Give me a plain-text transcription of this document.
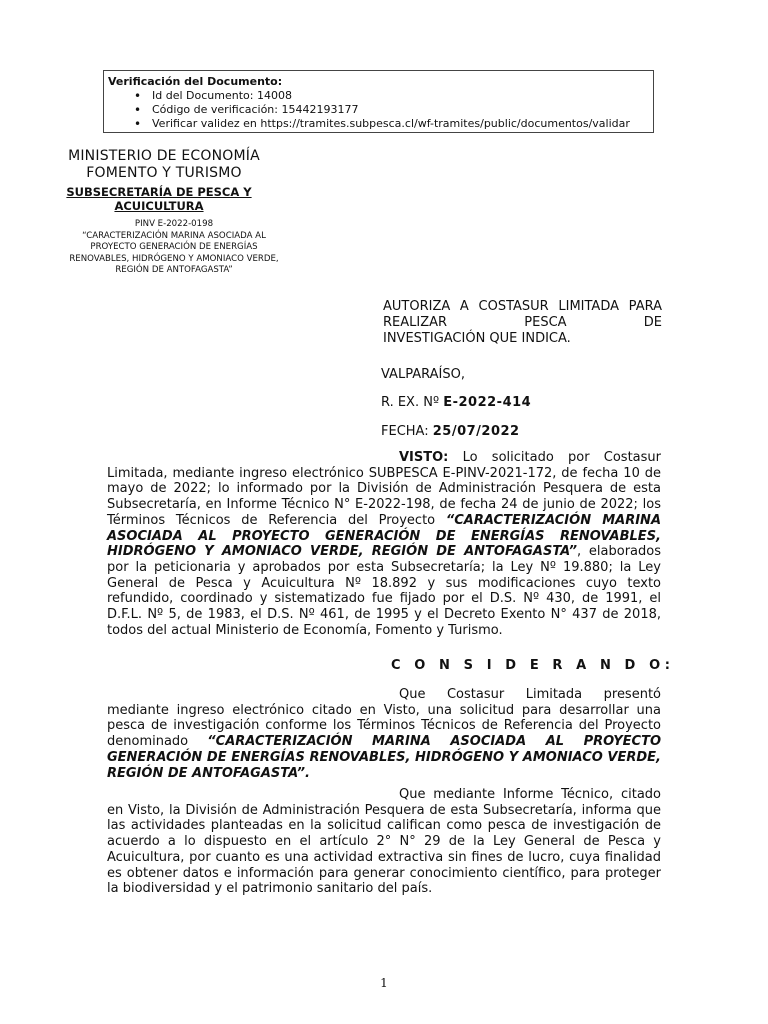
Verificación del Documento:
• Id del Documento: 14008
• Código de verificación: 15442193177
• Verificar validez en https://tramites.subpesca.cl/wf-tramites/public/documentos/validar
MINISTERIO DE ECONOMÍA
FOMENTO Y TURISMO
SUBSECRETARÍA DE PESCA Y
ACUICULTURA
PINV E-2022-0198
“CARACTERIZACIÓN MARINA ASOCIADA AL
PROYECTO GENERACIÓN DE ENERGÍAS
RENOVABLES, HIDRÓGENO Y AMONIACO VERDE,
REGIÓN DE ANTOFAGASTA”
AUTORIZA A COSTASUR LIMITADA PARA REALIZAR PESCA DE
INVESTIGACIÓN QUE INDICA.
VALPARAÍSO,
R. EX. Nº E-2022-414
FECHA: 25/07/2022
VISTO: Lo solicitado por Costasur Limitada, mediante ingreso electrónico SUBPESCA E-PINV-2021-172, de fecha 10 de mayo de 2022; lo informado por la División de Administración Pesquera de esta Subsecretaría, en Informe Técnico N° E-2022-198, de fecha 24 de junio de 2022; los Términos Técnicos de Referencia del Proyecto “CARACTERIZACIÓN MARINA ASOCIADA AL PROYECTO GENERACIÓN DE ENERGÍAS RENOVABLES, HIDRÓGENO Y AMONIACO VERDE, REGIÓN DE ANTOFAGASTA”, elaborados por la peticionaria y aprobados por esta Subsecretaría; la Ley Nº 19.880; la Ley General de Pesca y Acuicultura Nº 18.892 y sus modificaciones cuyo texto refundido, coordinado y sistematizado fue fijado por el D.S. Nº 430, de 1991, el D.F.L. Nº 5, de 1983, el D.S. Nº 461, de 1995 y el Decreto Exento N° 437 de 2018, todos del actual Ministerio de Economía, Fomento y Turismo.
C O N S I D E R A N D O:
Que Costasur Limitada presentó mediante ingreso electrónico citado en Visto, una solicitud para desarrollar una pesca de investigación conforme los Términos Técnicos de Referencia del Proyecto denominado “CARACTERIZACIÓN MARINA ASOCIADA AL PROYECTO GENERACIÓN DE ENERGÍAS RENOVABLES, HIDRÓGENO Y AMONIACO VERDE, REGIÓN DE ANTOFAGASTA”.
Que mediante Informe Técnico, citado en Visto, la División de Administración Pesquera de esta Subsecretaría, informa que las actividades planteadas en la solicitud califican como pesca de investigación de acuerdo a lo dispuesto en el artículo 2° N° 29 de la Ley General de Pesca y Acuicultura, por cuanto es una actividad extractiva sin fines de lucro, cuya finalidad es obtener datos e información para generar conocimiento científico, para proteger la biodiversidad y el patrimonio sanitario del país.
1
